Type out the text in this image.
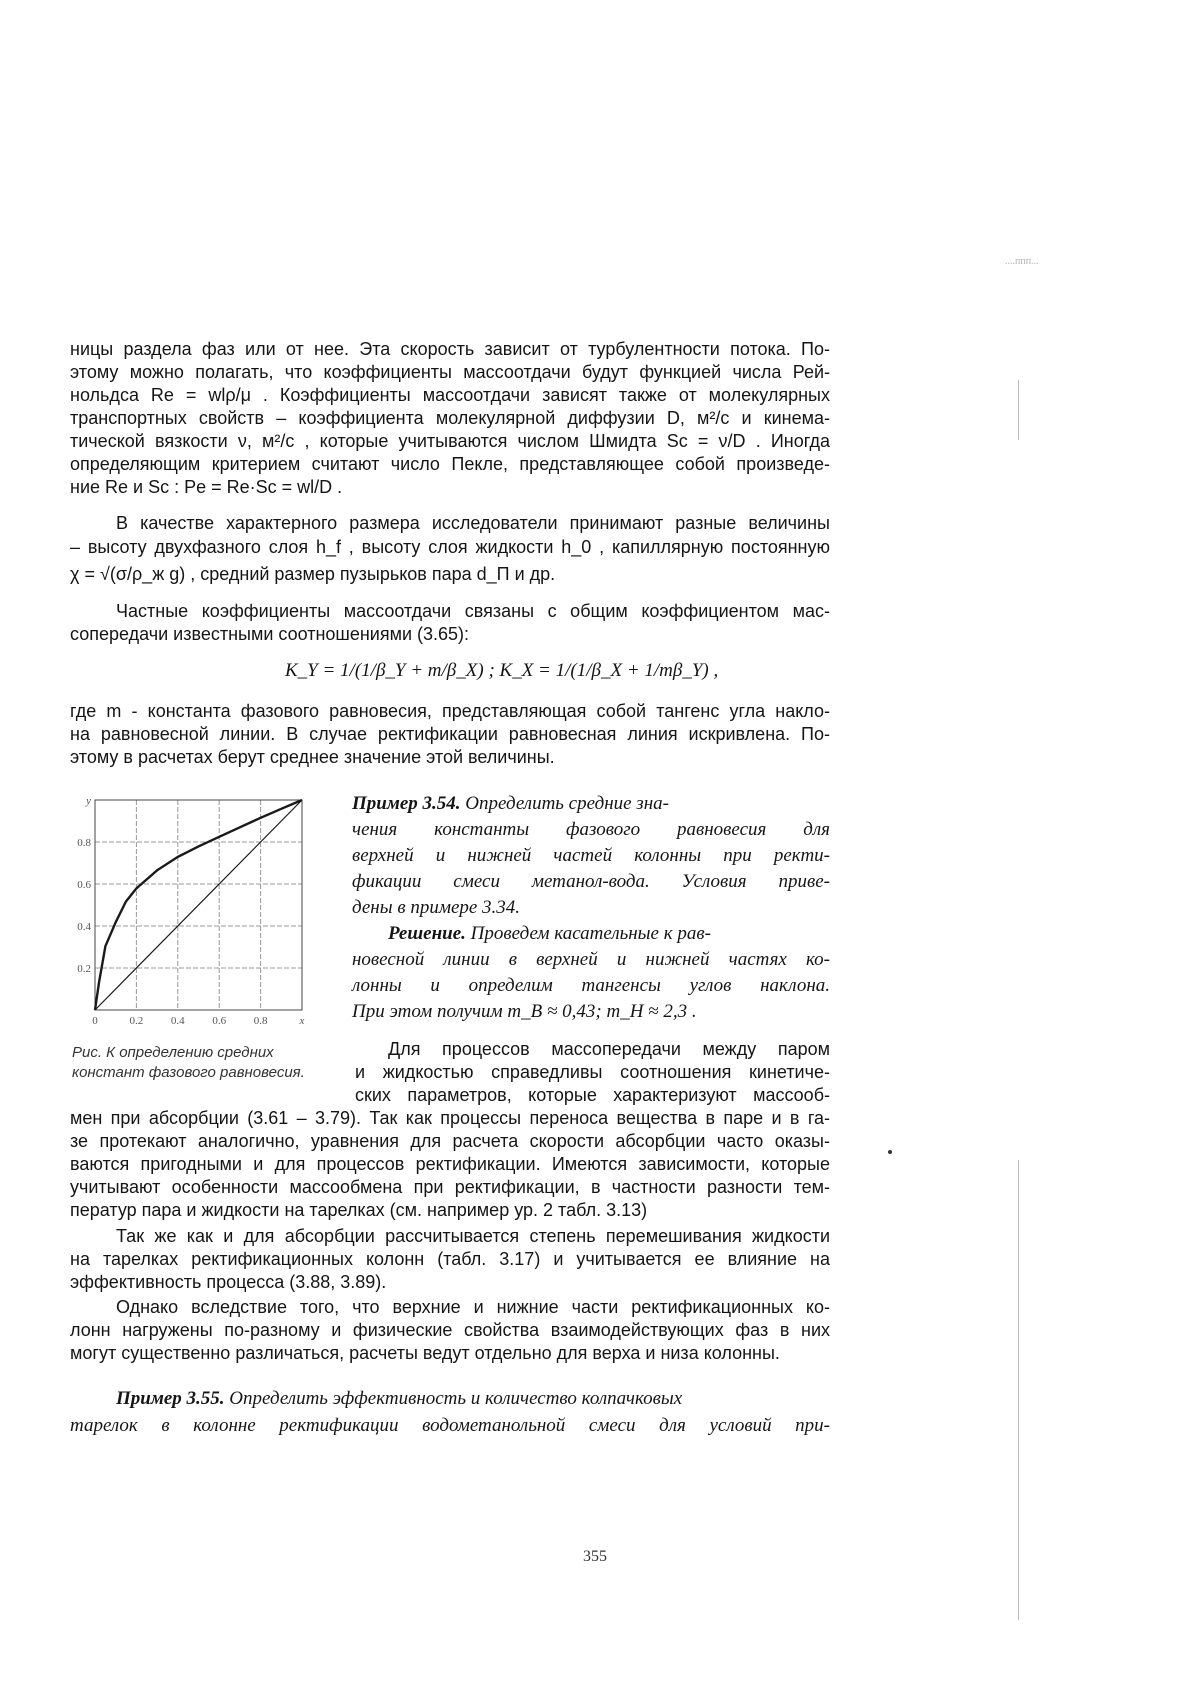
ницы раздела фаз или от нее. Эта скорость зависит от турбулентности потока. По-
этому можно полагать, что коэффициенты массоотдачи будут функцией числа Рей-
нольдса Re = wlρ/μ . Коэффициенты массоотдачи зависят также от молекулярных
транспортных свойств – коэффициента молекулярной диффузии D, м²/с и кинема-
тической вязкости ν, м²/с , которые учитываются числом Шмидта Sc = ν/D . Иногда
определяющим критерием считают число Пекле, представляющее собой произведе-
ние Re и Sc : Pe = Re·Sc = wl/D .
В качестве характерного размера исследователи принимают разные величины
– высоту двухфазного слоя h_f , высоту слоя жидкости h_0 , капиллярную постоянную
χ = √(σ/ρ_ж g) , средний размер пузырьков пара d_П и др.
Частные коэффициенты массоотдачи связаны с общим коэффициентом мас-
сопередачи известными соотношениями (3.65):
K_Y = 1/(1/β_Y + m/β_X) ; K_X = 1/(1/β_X + 1/mβ_Y) ,
где m - константа фазового равновесия, представляющая собой тангенс угла накло-
на равновесной линии. В случае ректификации равновесная линия искривлена. По-
этому в расчетах берут среднее значение этой величины.
0	0.2	0.4	0.6	0.8	x
y
0.8
0.6
0.4
0.2
Рис. К определению средних
констант фазового равновесия.
Пример 3.54. Определить средние зна-
чения константы фазового равновесия для
верхней и нижней частей колонны при ректи-
фикации смеси метанол-вода. Условия приве-
дены в примере 3.34.
Решение. Проведем касательные к рав-
новесной линии в верхней и нижней частях ко-
лонны и определим тангенсы углов наклона.
При этом получим m_В ≈ 0,43; m_Н ≈ 2,3 .
Для процессов массопередачи между паром
и жидкостью справедливы соотношения кинетиче-
ских параметров, которые характеризуют массооб-
мен при абсорбции (3.61 – 3.79). Так как процессы переноса вещества в паре и в га-
зе протекают аналогично, уравнения для расчета скорости абсорбции часто оказы-
ваются пригодными и для процессов ректификации. Имеются зависимости, которые
учитывают особенности массообмена при ректификации, в частности разности тем-
ператур пара и жидкости на тарелках (см. например ур. 2 табл. 3.13)
Так же как и для абсорбции рассчитывается степень перемешивания жидкости
на тарелках ректификационных колонн (табл. 3.17) и учитывается ее влияние на
эффективность процесса (3.88, 3.89).
Однако вследствие того, что верхние и нижние части ректификационных ко-
лонн нагружены по-разному и физические свойства взаимодействующих фаз в них
могут существенно различаться, расчеты ведут отдельно для верха и низа колонны.
Пример 3.55. Определить эффективность и количество колпачковых
тарелок в колонне ректификации водометанольной смеси для условий при-
355
....ппп...
